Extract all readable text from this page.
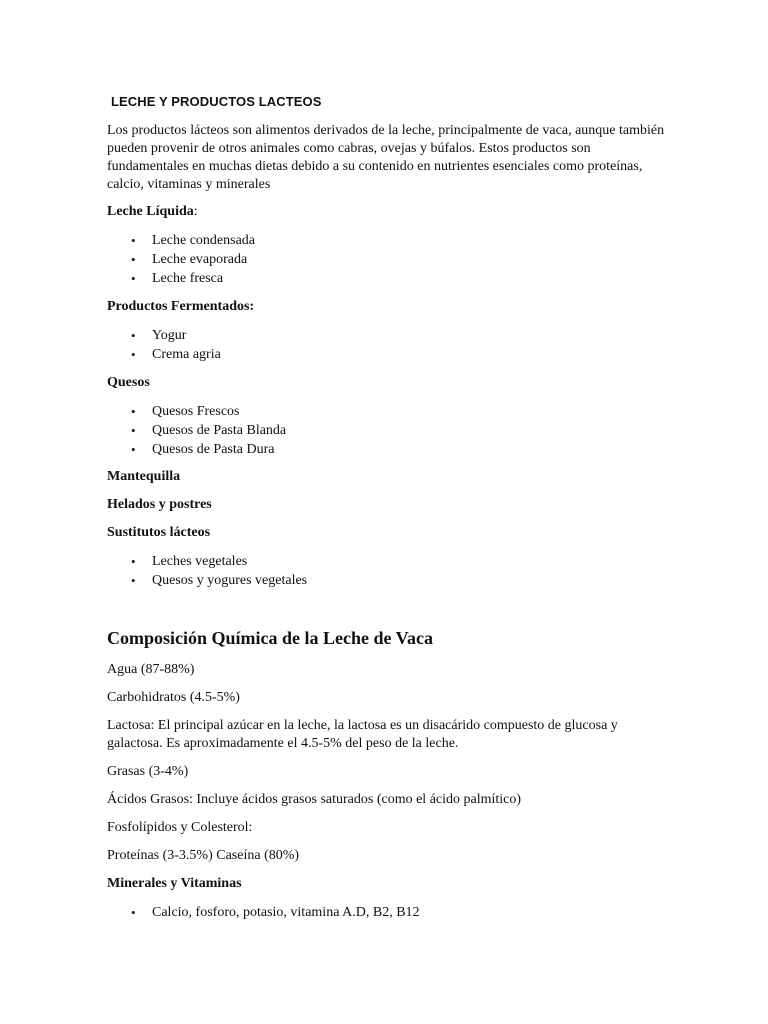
LECHE Y PRODUCTOS LACTEOS
Los productos lácteos son alimentos derivados de la leche, principalmente de vaca, aunque también
pueden provenir de otros animales como cabras, ovejas y búfalos. Estos productos son
fundamentales en muchas dietas debido a su contenido en nutrientes esenciales como proteínas,
calcio, vitaminas y minerales
Leche Líquida:
• Leche condensada
• Leche evaporada
• Leche fresca
Productos Fermentados:
• Yogur
• Crema agria
Quesos
• Quesos Frescos
• Quesos de Pasta Blanda
• Quesos de Pasta Dura
Mantequilla
Helados y postres
Sustitutos lácteos
• Leches vegetales
• Quesos y yogures vegetales
Composición Química de la Leche de Vaca
Agua (87-88%)
Carbohidratos (4.5-5%)
Lactosa: El principal azúcar en la leche, la lactosa es un disacárido compuesto de glucosa y
galactosa. Es aproximadamente el 4.5-5% del peso de la leche.
Grasas (3-4%)
Ácidos Grasos: Incluye ácidos grasos saturados (como el ácido palmítico)
Fosfolípidos y Colesterol:
Proteínas (3-3.5%) Caseína (80%)
Minerales y Vitaminas
• Calcio, fosforo, potasio, vitamina A.D, B2, B12
